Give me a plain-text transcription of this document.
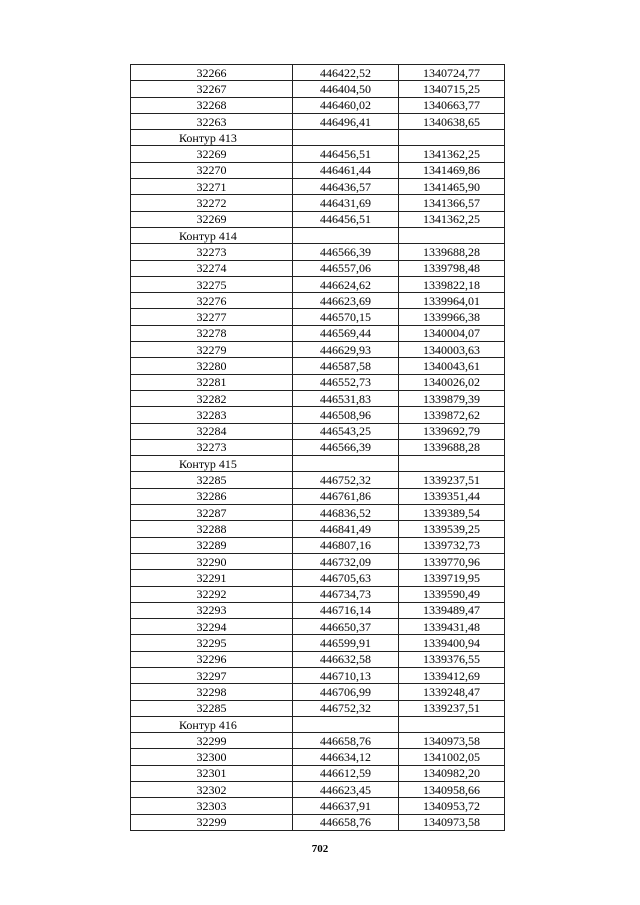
32266	446422,52	1340724,77
32267	446404,50	1340715,25
32268	446460,02	1340663,77
32263	446496,41	1340638,65
Контур 413		
32269	446456,51	1341362,25
32270	446461,44	1341469,86
32271	446436,57	1341465,90
32272	446431,69	1341366,57
32269	446456,51	1341362,25
Контур 414		
32273	446566,39	1339688,28
32274	446557,06	1339798,48
32275	446624,62	1339822,18
32276	446623,69	1339964,01
32277	446570,15	1339966,38
32278	446569,44	1340004,07
32279	446629,93	1340003,63
32280	446587,58	1340043,61
32281	446552,73	1340026,02
32282	446531,83	1339879,39
32283	446508,96	1339872,62
32284	446543,25	1339692,79
32273	446566,39	1339688,28
Контур 415		
32285	446752,32	1339237,51
32286	446761,86	1339351,44
32287	446836,52	1339389,54
32288	446841,49	1339539,25
32289	446807,16	1339732,73
32290	446732,09	1339770,96
32291	446705,63	1339719,95
32292	446734,73	1339590,49
32293	446716,14	1339489,47
32294	446650,37	1339431,48
32295	446599,91	1339400,94
32296	446632,58	1339376,55
32297	446710,13	1339412,69
32298	446706,99	1339248,47
32285	446752,32	1339237,51
Контур 416		
32299	446658,76	1340973,58
32300	446634,12	1341002,05
32301	446612,59	1340982,20
32302	446623,45	1340958,66
32303	446637,91	1340953,72
32299	446658,76	1340973,58
702
